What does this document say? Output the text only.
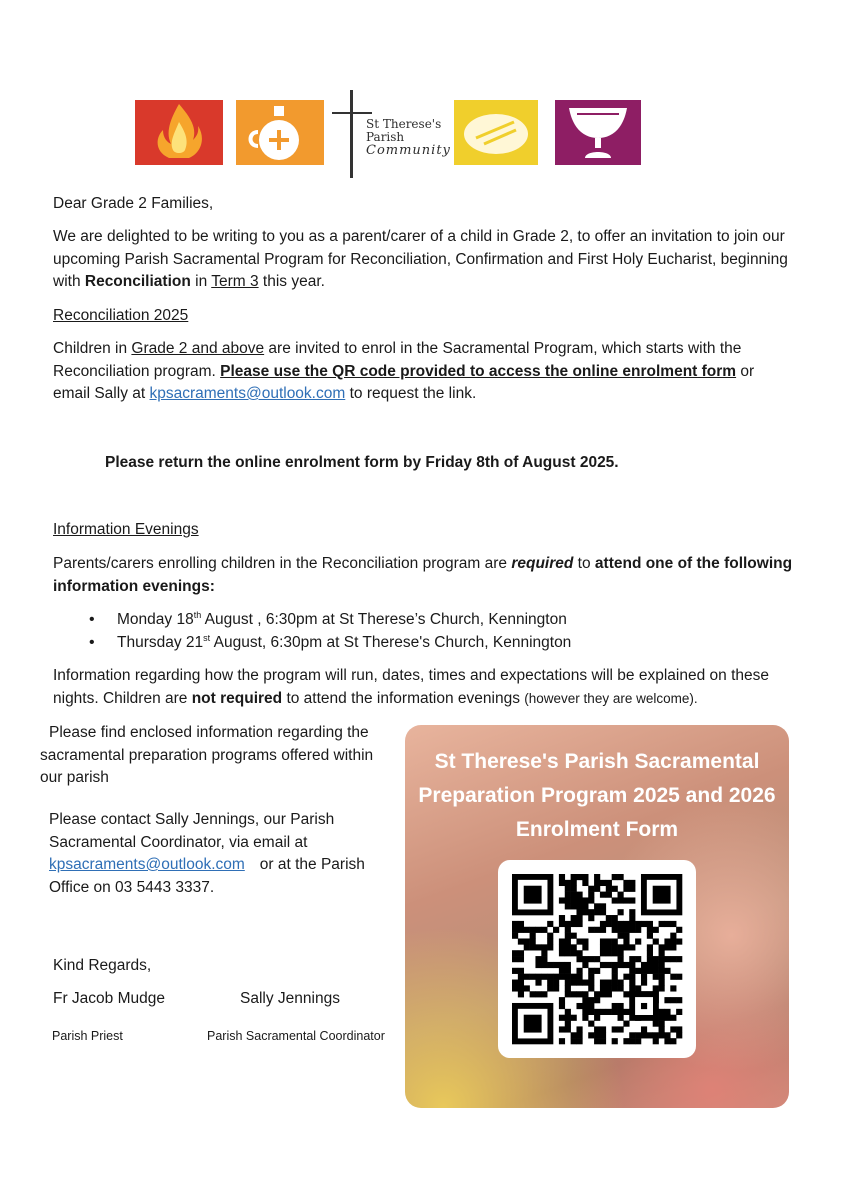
St Therese's
Parish
Community
Dear Grade 2 Families,
We are delighted to be writing to you as a parent/carer of a child in Grade 2, to offer an invitation to join our upcoming Parish Sacramental Program for Reconciliation, Confirmation and First Holy Eucharist, beginning with Reconciliation in Term 3 this year.
Reconciliation 2025
Children in Grade 2 and above are invited to enrol in the Sacramental Program, which starts with the Reconciliation program. Please use the QR code provided to access the online enrolment form or email Sally at kpsacraments@outlook.com to request the link.
Please return the online enrolment form by Friday 8th of August 2025.
Information Evenings
Parents/carers enrolling children in the Reconciliation program are required to attend one of the following information evenings:
• Monday 18th August , 6:30pm at St Therese’s Church, Kennington
• Thursday 21st August, 6:30pm at St Therese's Church, Kennington
Information regarding how the program will run, dates, times and expectations will be explained on these nights. Children are not required to attend the information evenings (however they are welcome).
Please find enclosed information regarding the sacramental preparation programs offered within our parish
Please contact Sally Jennings, our Parish Sacramental Coordinator, via email at
kpsacraments@outlook.com or at the Parish Office on 03 5443 3337.
Kind Regards,
Fr Jacob Mudge	Sally Jennings
Parish Priest	Parish Sacramental Coordinator
St Therese's Parish Sacramental Preparation Program 2025 and 2026 Enrolment Form
